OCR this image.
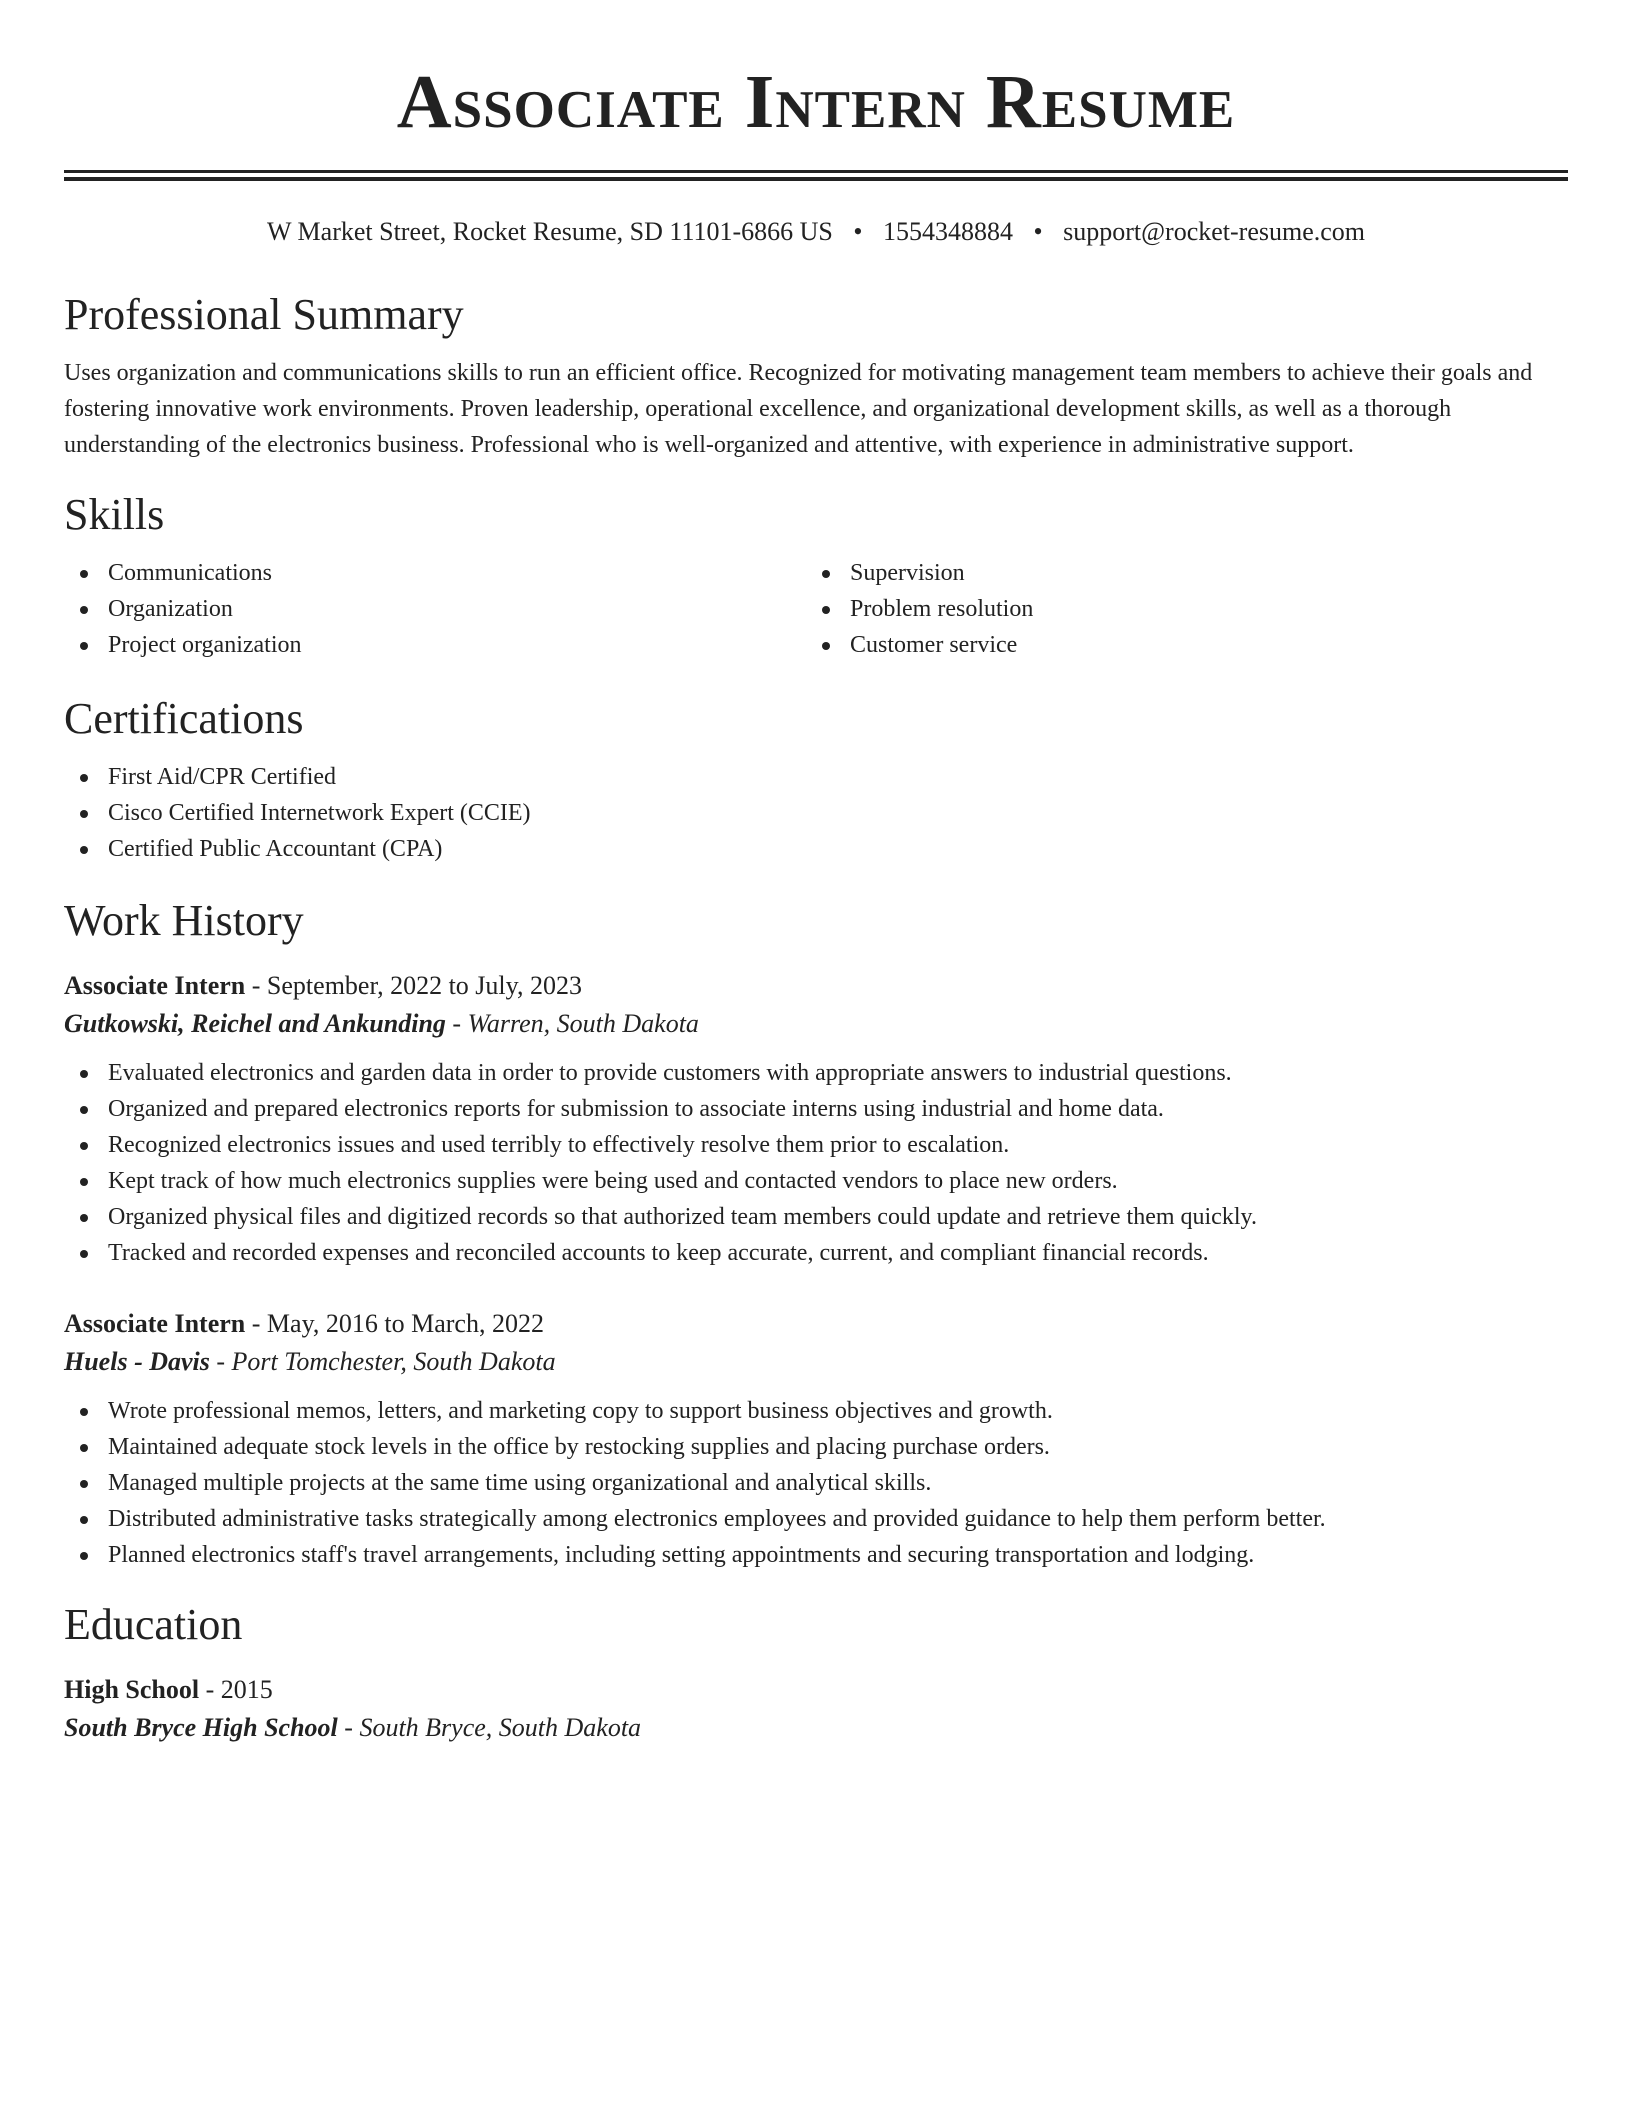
Associate Intern Resume
W Market Street, Rocket Resume, SD 11101-6866 US • 1554348884 • support@rocket-resume.com
Professional Summary

Uses organization and communications skills to run an efficient office. Recognized for motivating management team members to achieve their goals and fostering innovative work environments. Proven leadership, operational excellence, and organizational development skills, as well as a thorough understanding of the electronics business. Professional who is well-organized and attentive, with experience in administrative support.

Skills
Communications
Organization
Project organization
Supervision
Problem resolution
Customer service
Certifications
First Aid/CPR Certified
Cisco Certified Internetwork Expert (CCIE)
Certified Public Accountant (CPA)
Work History
Associate Intern - September, 2022 to July, 2023
Gutkowski, Reichel and Ankunding - Warren, South Dakota
Evaluated electronics and garden data in order to provide customers with appropriate answers to industrial questions.
Organized and prepared electronics reports for submission to associate interns using industrial and home data.
Recognized electronics issues and used terribly to effectively resolve them prior to escalation.
Kept track of how much electronics supplies were being used and contacted vendors to place new orders.
Organized physical files and digitized records so that authorized team members could update and retrieve them quickly.
Tracked and recorded expenses and reconciled accounts to keep accurate, current, and compliant financial records.
Associate Intern - May, 2016 to March, 2022
Huels - Davis - Port Tomchester, South Dakota
Wrote professional memos, letters, and marketing copy to support business objectives and growth.
Maintained adequate stock levels in the office by restocking supplies and placing purchase orders.
Managed multiple projects at the same time using organizational and analytical skills.
Distributed administrative tasks strategically among electronics employees and provided guidance to help them perform better.
Planned electronics staff's travel arrangements, including setting appointments and securing transportation and lodging.
Education
High School - 2015
South Bryce High School - South Bryce, South Dakota
